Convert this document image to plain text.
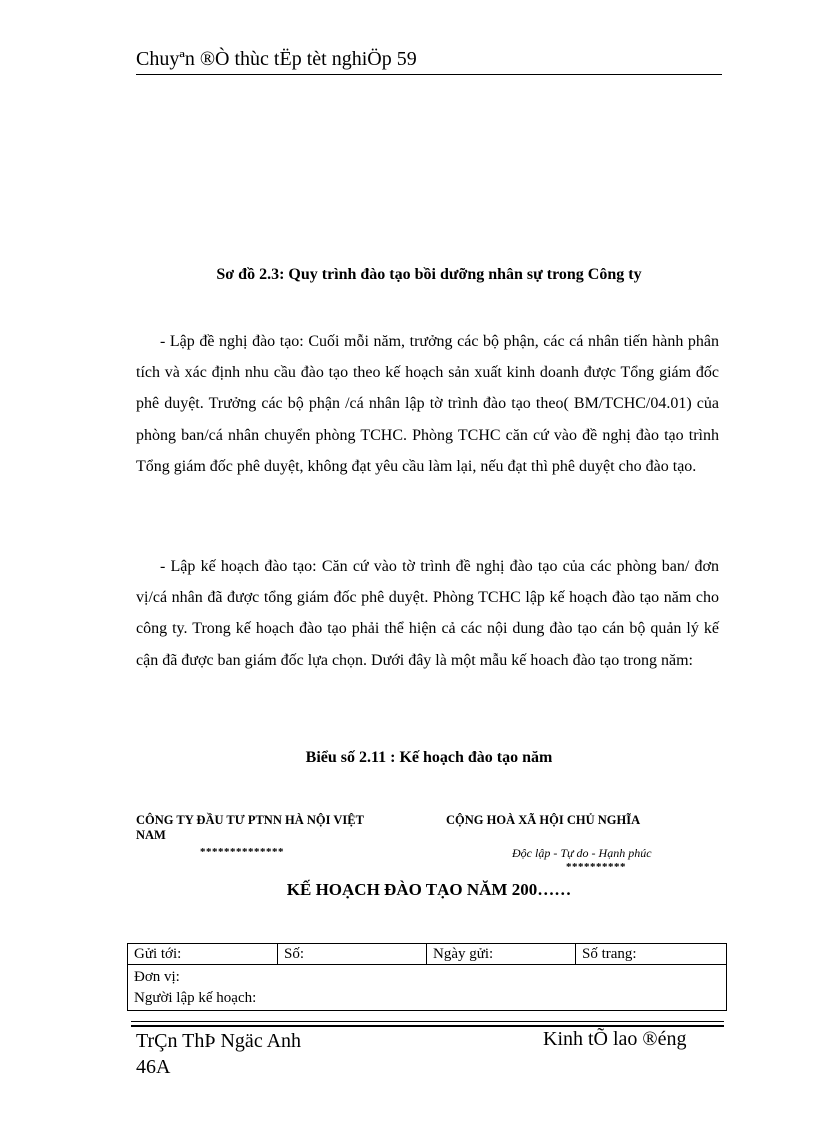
Chuyªn ®Ò thùc tËp tèt nghiÖp 59
Sơ đồ 2.3: Quy trình đào tạo bồi dưỡng nhân sự trong Công ty
- Lập đề nghị đào tạo: Cuối mỗi năm, trưởng các bộ phận, các cá nhân tiến hành phân tích và xác định nhu cầu đào tạo theo kế hoạch sản xuất kinh doanh được Tổng giám đốc phê duyệt. Trưởng các bộ phận /cá nhân lập tờ trình đào tạo theo( BM/TCHC/04.01) của phòng ban/cá nhân chuyển phòng TCHC. Phòng TCHC căn cứ vào đề nghị đào tạo trình Tổng giám đốc phê duyệt, không đạt yêu cầu làm lại, nếu đạt thì phê duyệt cho đào tạo.
- Lập kế hoạch đào tạo: Căn cứ vào tờ trình đề nghị đào tạo của các phòng ban/ đơn vị/cá nhân đã được tổng giám đốc phê duyệt. Phòng TCHC lập kế hoạch đào tạo năm cho công ty. Trong kế hoạch đào tạo phải thể hiện cả các nội dung đào tạo cán bộ quản lý kế cận đã được ban giám đốc lựa chọn. Dưới đây là một mẫu kế hoach đào tạo trong năm:
Biểu số 2.11 : Kế hoạch đào tạo năm
CÔNG TY ĐẦU TƯ PTNN HÀ NỘI VIỆT NAM
**************
CỘNG HOÀ XÃ HỘI CHỦ NGHĨA
Độc lập - Tự do - Hạnh phúc
**********
KẾ HOẠCH ĐÀO TẠO NĂM 200……
Gửi tới:	Số:	Ngày gửi:	Số trang:
Đơn vị:
Người lập kế hoạch:
TrÇn ThÞ Ngäc Anh
46A
Kinh tÕ lao ®éng
